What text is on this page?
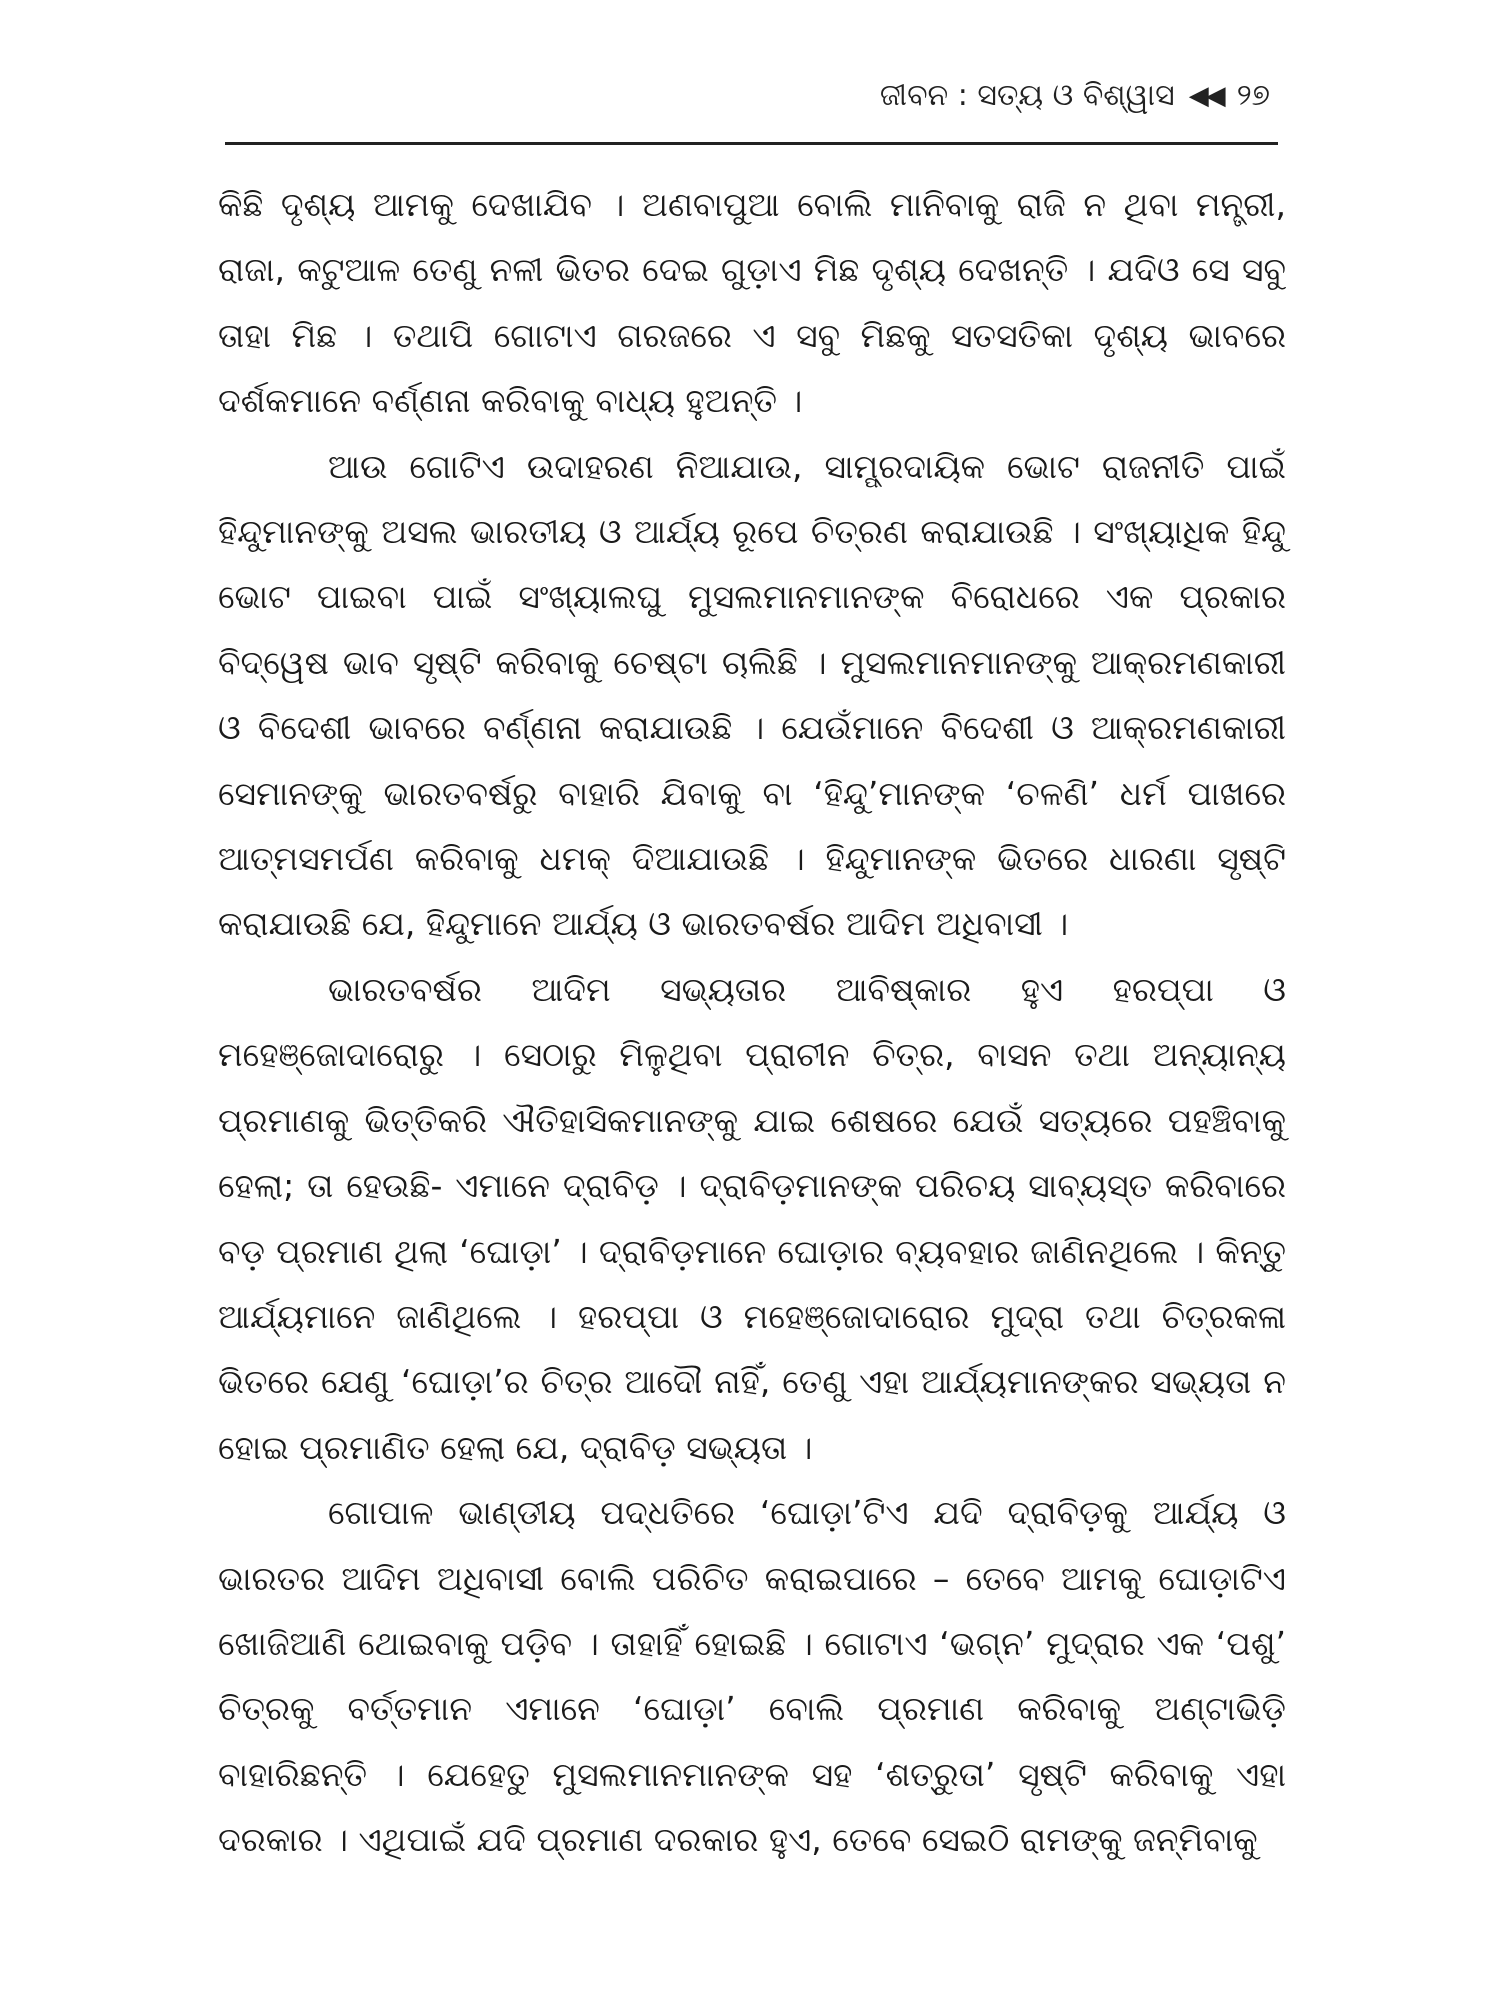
ଜୀବନ : ସତ୍ୟ ଓ ବିଶ୍ୱାସ ◀◀ ୨୭

କିଛି ଦୃଶ୍ୟ ଆମକୁ ଦେଖାଯିବ । ଅଣବାପୁଆ ବୋଲି ମାନିବାକୁ ରାଜି ନ ଥିବା ମନ୍ତ୍ରୀ, ରାଜା, କଟୁଆଳ ତେଣୁ ନଳୀ ଭିତର ଦେଇ ଗୁଡ଼ାଏ ମିଛ ଦୃଶ୍ୟ ଦେଖନ୍ତି । ଯଦିଓ ସେ ସବୁ ତାହା ମିଛ । ତଥାପି ଗୋଟାଏ ଗରଜରେ ଏ ସବୁ ମିଛକୁ ସତସତିକା ଦୃଶ୍ୟ ଭାବରେ ଦର୍ଶକମାନେ ବର୍ଣ୍ଣନା କରିବାକୁ ବାଧ୍ୟ ହୁଅନ୍ତି ।

ଆଉ ଗୋଟିଏ ଉଦାହରଣ ନିଆଯାଉ, ସାମ୍ପ୍ରଦାୟିକ ଭୋଟ ରାଜନୀତି ପାଇଁ ହିନ୍ଦୁମାନଙ୍କୁ ଅସଲ ଭାରତୀୟ ଓ ଆର୍ଯ୍ୟ ରୂପେ ଚିତ୍ରଣ କରାଯାଉଛି । ସଂଖ୍ୟାଧିକ ହିନ୍ଦୁ ଭୋଟ ପାଇବା ପାଇଁ ସଂଖ୍ୟାଲଘୁ ମୁସଲମାନମାନଙ୍କ ବିରୋଧରେ ଏକ ପ୍ରକାର ବିଦ୍ୱେଷ ଭାବ ସୃଷ୍ଟି କରିବାକୁ ଚେଷ୍ଟା ଚାଲିଛି । ମୁସଲମାନମାନଙ୍କୁ ଆକ୍ରମଣକାରୀ ଓ ବିଦେଶୀ ଭାବରେ ବର୍ଣ୍ଣନା କରାଯାଉଛି । ଯେଉଁମାନେ ବିଦେଶୀ ଓ ଆକ୍ରମଣକାରୀ ସେମାନଙ୍କୁ ଭାରତବର୍ଷରୁ ବାହାରି ଯିବାକୁ ବା ‘ହିନ୍ଦୁ’ମାନଙ୍କ ‘ଚଳଣି’ ଧର୍ମ ପାଖରେ ଆତ୍ମସମର୍ପଣ କରିବାକୁ ଧମକ୍ ଦିଆଯାଉଛି । ହିନ୍ଦୁମାନଙ୍କ ଭିତରେ ଧାରଣା ସୃଷ୍ଟି କରାଯାଉଛି ଯେ, ହିନ୍ଦୁମାନେ ଆର୍ଯ୍ୟ ଓ ଭାରତବର୍ଷର ଆଦିମ ଅଧିବାସୀ ।

ଭାରତବର୍ଷର ଆଦିମ ସଭ୍ୟତାର ଆବିଷ୍କାର ହୁଏ ହରପ୍ପା ଓ ମହେଞ୍ଜୋଦାରୋରୁ । ସେଠାରୁ ମିଳୁଥିବା ପ୍ରାଚୀନ ଚିତ୍ର, ବାସନ ତଥା ଅନ୍ୟାନ୍ୟ ପ୍ରମାଣକୁ ଭିତ୍ତିକରି ଐତିହାସିକମାନଙ୍କୁ ଯାଇ ଶେଷରେ ଯେଉଁ ସତ୍ୟରେ ପହଞ୍ଚିବାକୁ ହେଲା; ତା ହେଉଛି- ଏମାନେ ଦ୍ରାବିଡ଼ । ଦ୍ରାବିଡ଼ମାନଙ୍କ ପରିଚୟ ସାବ୍ୟସ୍ତ କରିବାରେ ବଡ଼ ପ୍ରମାଣ ଥିଲା ‘ଘୋଡ଼ା’ । ଦ୍ରାବିଡ଼ମାନେ ଘୋଡ଼ାର ବ୍ୟବହାର ଜାଣିନଥିଲେ । କିନ୍ତୁ ଆର୍ଯ୍ୟମାନେ ଜାଣିଥିଲେ । ହରପ୍ପା ଓ ମହେଞ୍ଜୋଦାରୋର ମୁଦ୍ରା ତଥା ଚିତ୍ରକଳା ଭିତରେ ଯେଣୁ ‘ଘୋଡ଼ା’ର ଚିତ୍ର ଆଦୌ ନାହିଁ, ତେଣୁ ଏହା ଆର୍ଯ୍ୟମାନଙ୍କର ସଭ୍ୟତା ନ ହୋଇ ପ୍ରମାଣିତ ହେଲା ଯେ, ଦ୍ରାବିଡ଼ ସଭ୍ୟତା ।

ଗୋପାଳ ଭାଣ୍ଡୀୟ ପଦ୍ଧତିରେ ‘ଘୋଡ଼ା’ଟିଏ ଯଦି ଦ୍ରାବିଡ଼କୁ ଆର୍ଯ୍ୟ ଓ ଭାରତର ଆଦିମ ଅଧିବାସୀ ବୋଲି ପରିଚିତ କରାଇପାରେ – ତେବେ ଆମକୁ ଘୋଡ଼ାଟିଏ ଖୋଜିଆଣି ଥୋଇବାକୁ ପଡ଼ିବ । ତାହାହିଁ ହୋଇଛି । ଗୋଟାଏ ‘ଭଗ୍ନ’ ମୁଦ୍ରାର ଏକ ‘ପଶୁ’ ଚିତ୍ରକୁ ବର୍ତ୍ତମାନ ଏମାନେ ‘ଘୋଡ଼ା’ ବୋଲି ପ୍ରମାଣ କରିବାକୁ ଅଣ୍ଟାଭିଡ଼ି ବାହାରିଛନ୍ତି । ଯେହେତୁ ମୁସଲମାନମାନଙ୍କ ସହ ‘ଶତ୍ରୁତା’ ସୃଷ୍ଟି କରିବାକୁ ଏହା ଦରକାର । ଏଥିପାଇଁ ଯଦି ପ୍ରମାଣ ଦରକାର ହୁଏ, ତେବେ ସେଇଠି ରାମଙ୍କୁ ଜନ୍ମିବାକୁ
